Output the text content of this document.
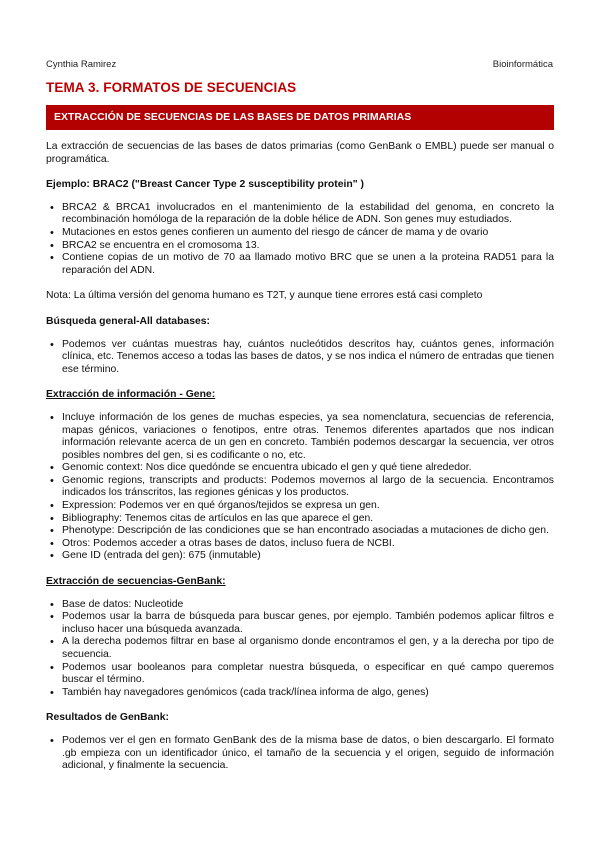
Cynthia Ramirez	Bioinformática
TEMA 3. FORMATOS DE SECUENCIAS
EXTRACCIÓN DE SECUENCIAS DE LAS BASES DE DATOS PRIMARIAS

La extracción de secuencias de las bases de datos primarias (como GenBank o EMBL) puede ser manual o programática.

Ejemplo: BRAC2 ("Breast Cancer Type 2 susceptibility protein" )
• BRCA2 & BRCA1 involucrados en el mantenimiento de la estabilidad del genoma, en concreto la recombinación homóloga de la reparación de la doble hélice de ADN. Son genes muy estudiados.
• Mutaciones en estos genes confieren un aumento del riesgo de cáncer de mama y de ovario
• BRCA2 se encuentra en el cromosoma 13.
• Contiene copias de un motivo de 70 aa llamado motivo BRC que se unen a la proteina RAD51 para la reparación del ADN.

Nota: La última versión del genoma humano es T2T, y aunque tiene errores está casi completo

Búsqueda general-All databases:
• Podemos ver cuántas muestras hay, cuántos nucleótidos descritos hay, cuántos genes, información clínica, etc. Tenemos acceso a todas las bases de datos, y se nos indica el número de entradas que tienen ese término.
Extracción de información - Gene:
• Incluye información de los genes de muchas especies, ya sea nomenclatura, secuencias de referencia, mapas génicos, variaciones o fenotipos, entre otras. Tenemos diferentes apartados que nos indican información relevante acerca de un gen en concreto. También podemos descargar la secuencia, ver otros posibles nombres del gen, si es codificante o no, etc.
• Genomic context: Nos dice quedónde se encuentra ubicado el gen y qué tiene alrededor.
• Genomic regions, transcripts and products: Podemos movernos al largo de la secuencia. Encontramos indicados los tránscritos, las regiones génicas y los productos.
• Expression: Podemos ver en qué órganos/tejidos se expresa un gen.
• Bibliography: Tenemos citas de artículos en las que aparece el gen.
• Phenotype: Descripción de las condiciones que se han encontrado asociadas a mutaciones de dicho gen.
• Otros: Podemos acceder a otras bases de datos, incluso fuera de NCBI.
• Gene ID (entrada del gen): 675 (inmutable)
Extracción de secuencias-GenBank:
• Base de datos: Nucleotide
• Podemos usar la barra de búsqueda para buscar genes, por ejemplo. También podemos aplicar filtros e incluso hacer una búsqueda avanzada.
• A la derecha podemos filtrar en base al organismo donde encontramos el gen, y a la derecha por tipo de secuencia.
• Podemos usar booleanos para completar nuestra búsqueda, o especificar en qué campo queremos buscar el término.
• También hay navegadores genómicos (cada track/línea informa de algo, genes)
Resultados de GenBank:
• Podemos ver el gen en formato GenBank des de la misma base de datos, o bien descargarlo. El formato .gb empieza con un identificador único, el tamaño de la secuencia y el origen, seguido de información adicional, y finalmente la secuencia.
